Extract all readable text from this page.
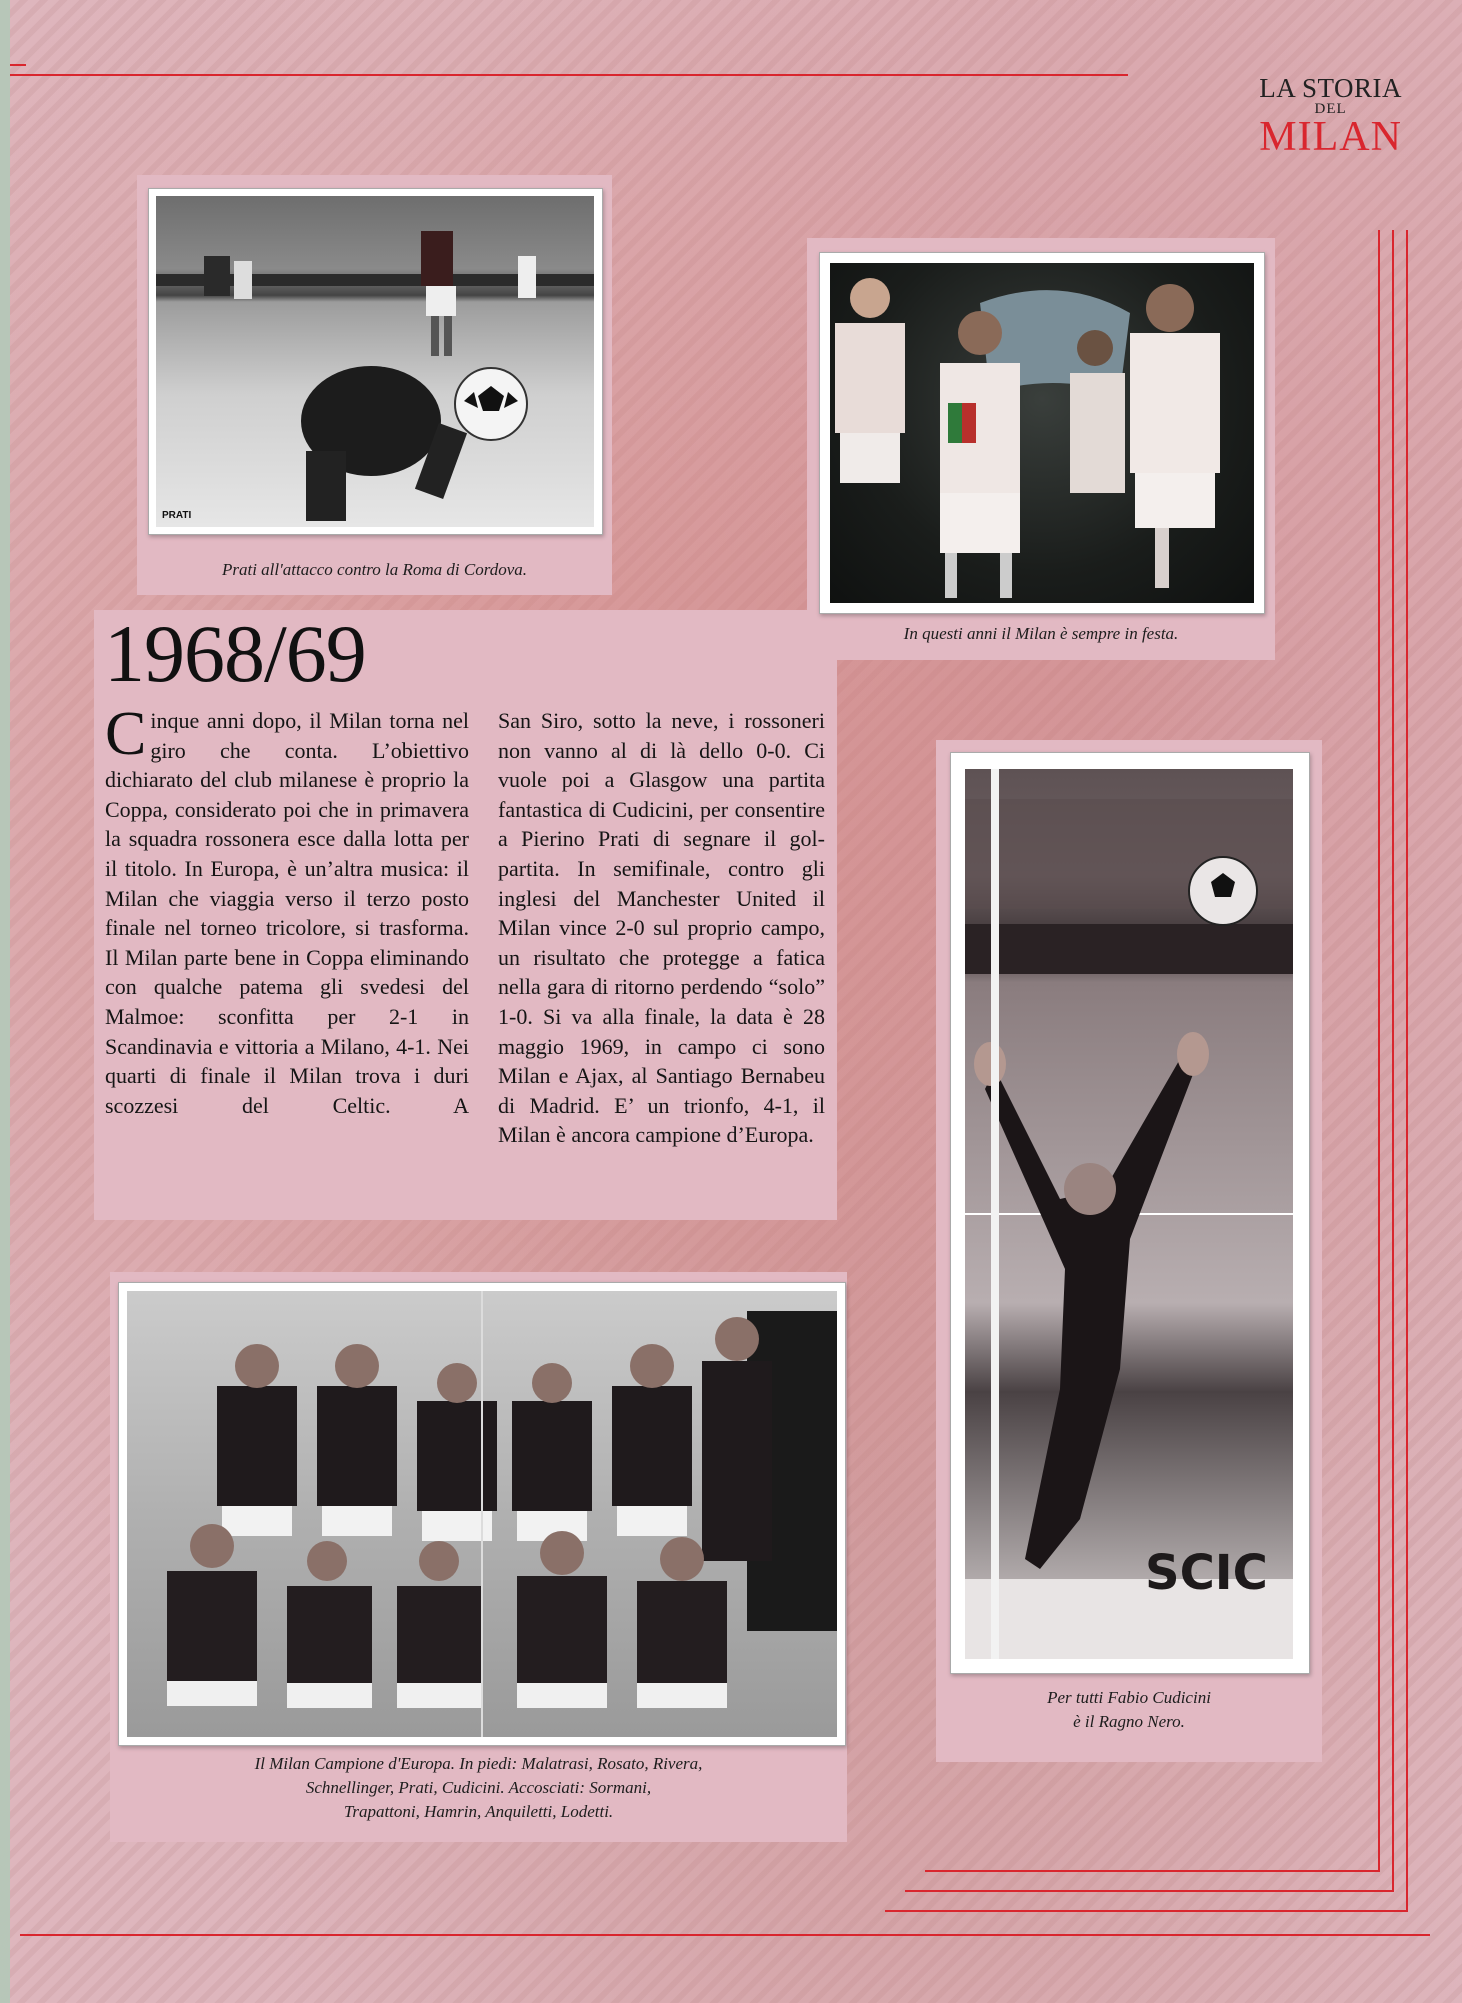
LA STORIA
DEL
MILAN
PRATI
Prati all'attacco contro la Roma di Cordova.
In questi anni il Milan è sempre in festa.
1968/69

Cinque anni dopo, il Milan torna nel giro che conta. L’obiettivo dichiarato del club milanese è proprio la Coppa, considerato poi che in primavera la squadra rossonera esce dalla lotta per il titolo. In Europa, è un’altra musica: il Milan che viaggia verso il terzo posto finale nel torneo tricolore, si trasforma. Il Milan parte bene in Coppa eliminando con qualche patema gli svedesi del Malmoe: sconfitta per 2-1 in Scandinavia e vittoria a Milano, 4-1. Nei quarti di finale il Milan trova i duri scozzesi del Celtic. A

San Siro, sotto la neve, i rossoneri non vanno al di là dello 0-0. Ci vuole poi a Glasgow una partita fantastica di Cudicini, per consentire a Pierino Prati di segnare il gol-partita. In semifinale, contro gli inglesi del Manchester United il Milan vince 2-0 sul proprio campo, un risultato che protegge a fatica nella gara di ritorno perdendo “solo” 1-0. Si va alla finale, la data è 28 maggio 1969, in campo ci sono Milan e Ajax, al Santiago Bernabeu di Madrid. E’ un trionfo, 4-1, il Milan è ancora campione d’Europa.

SCIC
Per tutti Fabio Cudicini
è il Ragno Nero.
Il Milan Campione d'Europa. In piedi: Malatrasi, Rosato, Rivera,
Schnellinger, Prati, Cudicini. Accosciati: Sormani,
Trapattoni, Hamrin, Anquiletti, Lodetti.
